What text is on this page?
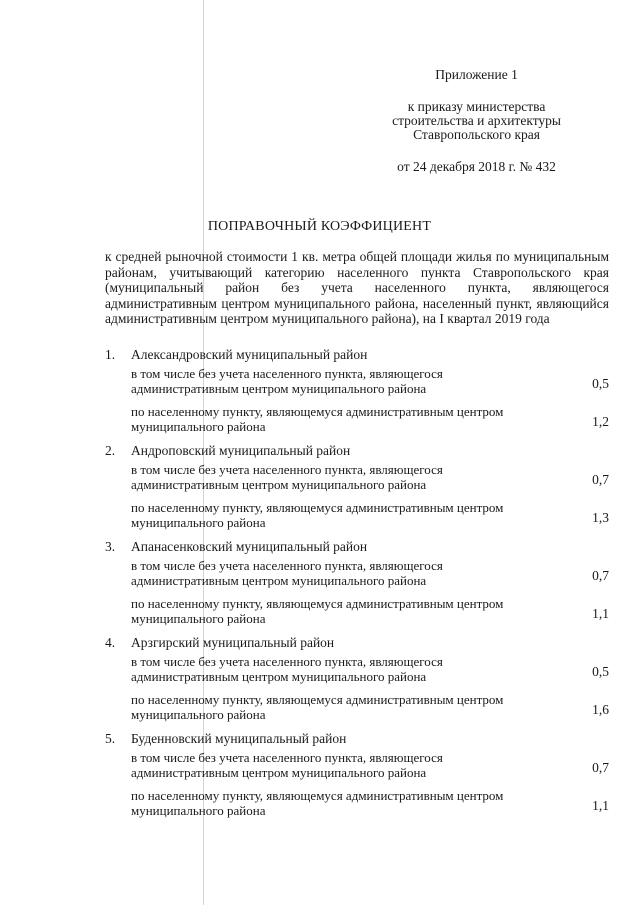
Приложение 1
к приказу министерства
строительства и архитектуры
Ставропольского края
от 24 декабря 2018 г. № 432
ПОПРАВОЧНЫЙ КОЭФФИЦИЕНТ
к средней рыночной стоимости 1 кв. метра общей площади жилья по муниципальным районам, учитывающий категорию населенного пункта Ставропольского края (муниципальный район без учета населенного пункта, являющегося административным центром муниципального района, населенный пункт, являющийся административным центром муниципального района), на I квартал 2019 года
1.	Александровский муниципальный район
в том числе без учета населенного пункта, являющегося административным центром муниципального района	0,5
по населенному пункту, являющемуся административным центром муниципального района	1,2
2.	Андроповский муниципальный район
в том числе без учета населенного пункта, являющегося административным центром муниципального района	0,7
по населенному пункту, являющемуся административным центром муниципального района	1,3
3.	Апанасенковский муниципальный район
в том числе без учета населенного пункта, являющегося административным центром муниципального района	0,7
по населенному пункту, являющемуся административным центром муниципального района	1,1
4.	Арзгирский муниципальный район
в том числе без учета населенного пункта, являющегося административным центром муниципального района	0,5
по населенному пункту, являющемуся административным центром муниципального района	1,6
5.	Буденновский муниципальный район
в том числе без учета населенного пункта, являющегося административным центром муниципального района	0,7
по населенному пункту, являющемуся административным центром муниципального района	1,1
